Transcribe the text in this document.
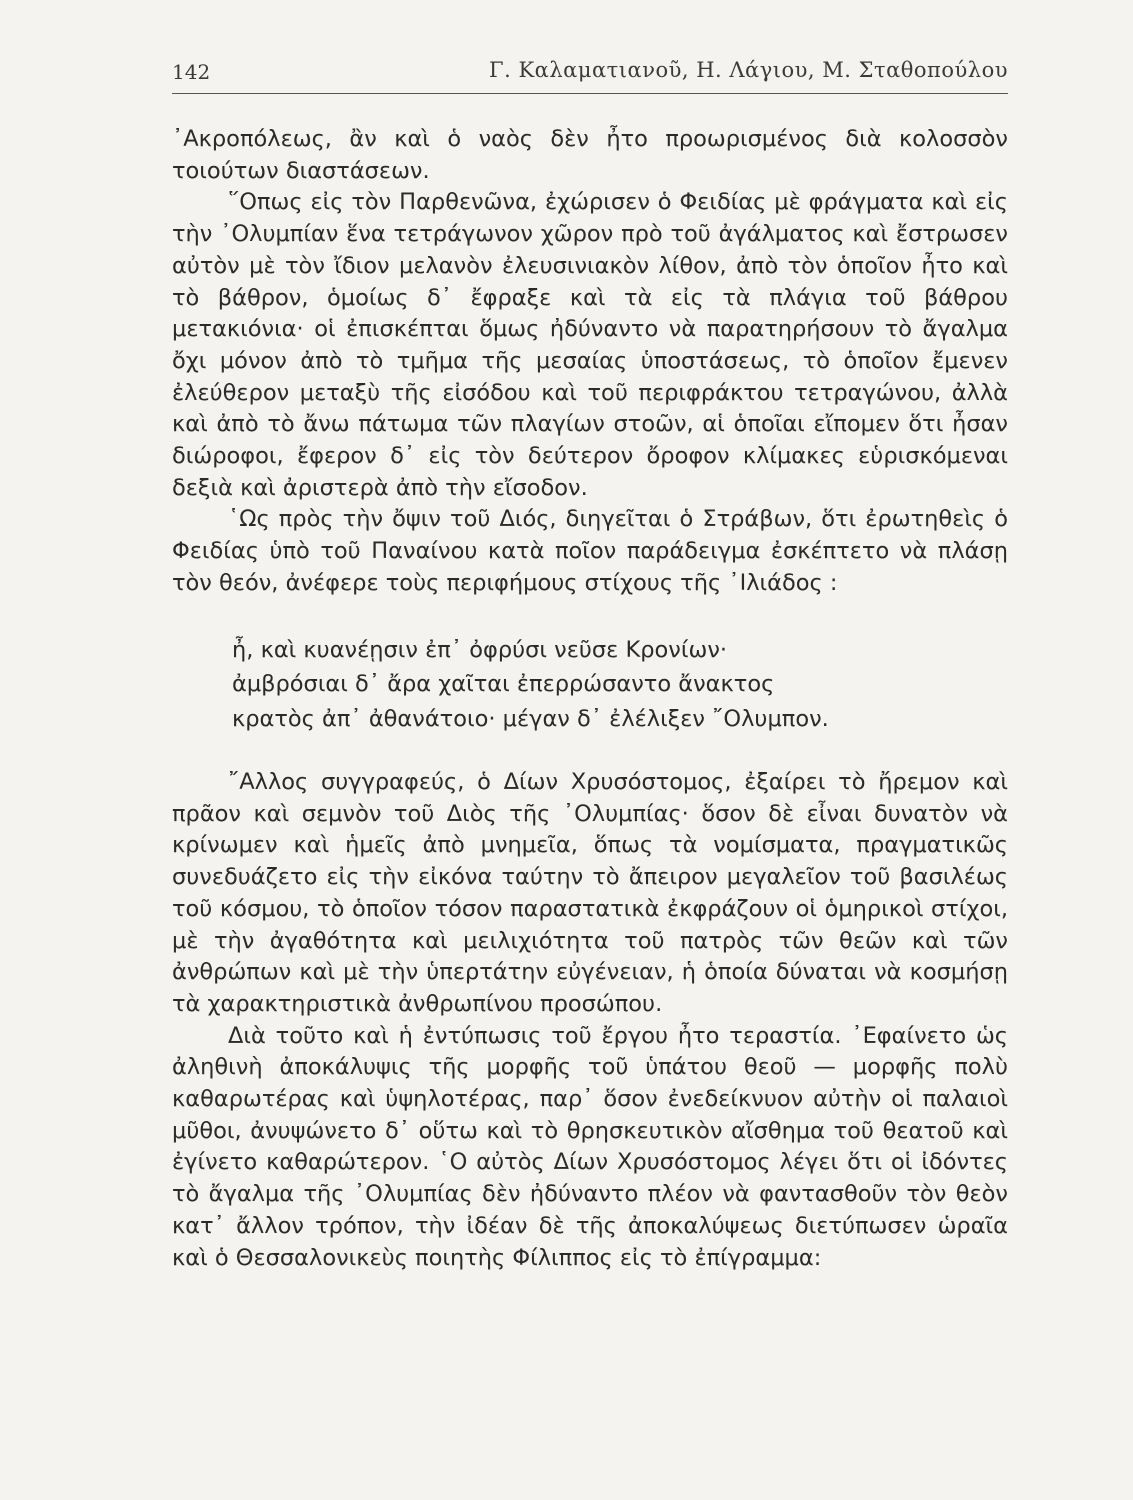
142	Γ. Καλαματιανοῦ, Η. Λάγιου, Μ. Σταθοπούλου

᾿Ακροπόλεως, ἂν καὶ ὁ ναὸς δὲν ἦτο προωρισμένος διὰ κολοσσὸν τοιούτων διαστάσεων.

῞Οπως εἰς τὸν Παρθενῶνα, ἐχώρισεν ὁ Φειδίας μὲ φράγματα καὶ εἰς τὴν ᾿Ολυμπίαν ἕνα τετράγωνον χῶρον πρὸ τοῦ ἀγάλματος καὶ ἔστρωσεν αὐτὸν μὲ τὸν ἴδιον μελανὸν ἐλευσινιακὸν λίθον, ἀπὸ τὸν ὁποῖον ἦτο καὶ τὸ βάθρον, ὁμοίως δ᾿ ἔφραξε καὶ τὰ εἰς τὰ πλάγια τοῦ βάθρου μετακιόνια· οἱ ἐπισκέπται ὅμως ἠδύναντο νὰ παρατηρήσουν τὸ ἄγαλμα ὄχι μόνον ἀπὸ τὸ τμῆμα τῆς μεσαίας ὑποστάσεως, τὸ ὁποῖον ἔμενεν ἐλεύθερον μεταξὺ τῆς εἰσόδου καὶ τοῦ περιφράκτου τετραγώνου, ἀλλὰ καὶ ἀπὸ τὸ ἄνω πάτωμα τῶν πλαγίων στοῶν, αἱ ὁποῖαι εἴπομεν ὅτι ἦσαν διώροφοι, ἔφερον δ᾿ εἰς τὸν δεύτερον ὄροφον κλίμακες εὑρισκόμεναι δεξιὰ καὶ ἀριστερὰ ἀπὸ τὴν εἴσοδον.

῾Ως πρὸς τὴν ὄψιν τοῦ Διός, διηγεῖται ὁ Στράβων, ὅτι ἐρωτηθεὶς ὁ Φειδίας ὑπὸ τοῦ Παναίνου κατὰ ποῖον παράδειγμα ἐσκέπτετο νὰ πλάσῃ τὸν θεόν, ἀνέφερε τοὺς περιφήμους στίχους τῆς ᾿Ιλιάδος :

ἦ, καὶ κυανέῃσιν ἐπ᾿ ὀφρύσι νεῦσε Κρονίων·
ἀμβρόσιαι δ᾿ ἄρα χαῖται ἐπερρώσαντο ἄνακτος
κρατὸς ἀπ᾿ ἀθανάτοιο· μέγαν δ᾿ ἐλέλιξεν ῎Ολυμπον.

῎Αλλος συγγραφεύς, ὁ Δίων Χρυσόστομος, ἐξαίρει τὸ ἤρεμον καὶ πρᾶον καὶ σεμνὸν τοῦ Διὸς τῆς ᾿Ολυμπίας· ὅσον δὲ εἶναι δυνατὸν νὰ κρίνωμεν καὶ ἡμεῖς ἀπὸ μνημεῖα, ὅπως τὰ νομίσματα, πραγματικῶς συνεδυάζετο εἰς τὴν εἰκόνα ταύτην τὸ ἄπειρον μεγαλεῖον τοῦ βασιλέως τοῦ κόσμου, τὸ ὁποῖον τόσον παραστατικὰ ἐκφράζουν οἱ ὁμηρικοὶ στίχοι, μὲ τὴν ἀγαθότητα καὶ μειλιχιότητα τοῦ πατρὸς τῶν θεῶν καὶ τῶν ἀνθρώπων καὶ μὲ τὴν ὑπερτάτην εὐγένειαν, ἡ ὁποία δύναται νὰ κοσμήσῃ τὰ χαρακτηριστικὰ ἀνθρωπίνου προσώπου.

Διὰ τοῦτο καὶ ἡ ἐντύπωσις τοῦ ἔργου ἦτο τεραστία. ᾿Εφαίνετο ὡς ἀληθινὴ ἀποκάλυψις τῆς μορφῆς τοῦ ὑπάτου θεοῦ — μορφῆς πολὺ καθαρωτέρας καὶ ὑψηλοτέρας, παρ᾿ ὅσον ἐνεδείκνυον αὐτὴν οἱ παλαιοὶ μῦθοι, ἀνυψώνετο δ᾿ οὕτω καὶ τὸ θρησκευτικὸν αἴσθημα τοῦ θεατοῦ καὶ ἐγίνετο καθαρώτερον. ῾Ο αὐτὸς Δίων Χρυσόστομος λέγει ὅτι οἱ ἰδόντες τὸ ἄγαλμα τῆς ᾿Ολυμπίας δὲν ἠδύναντο πλέον νὰ φαντασθοῦν τὸν θεὸν κατ᾿ ἄλλον τρόπον, τὴν ἰδέαν δὲ τῆς ἀποκαλύψεως διετύπωσεν ὡραῖα καὶ ὁ Θεσσαλονικεὺς ποιητὴς Φίλιππος εἰς τὸ ἐπίγραμμα:
